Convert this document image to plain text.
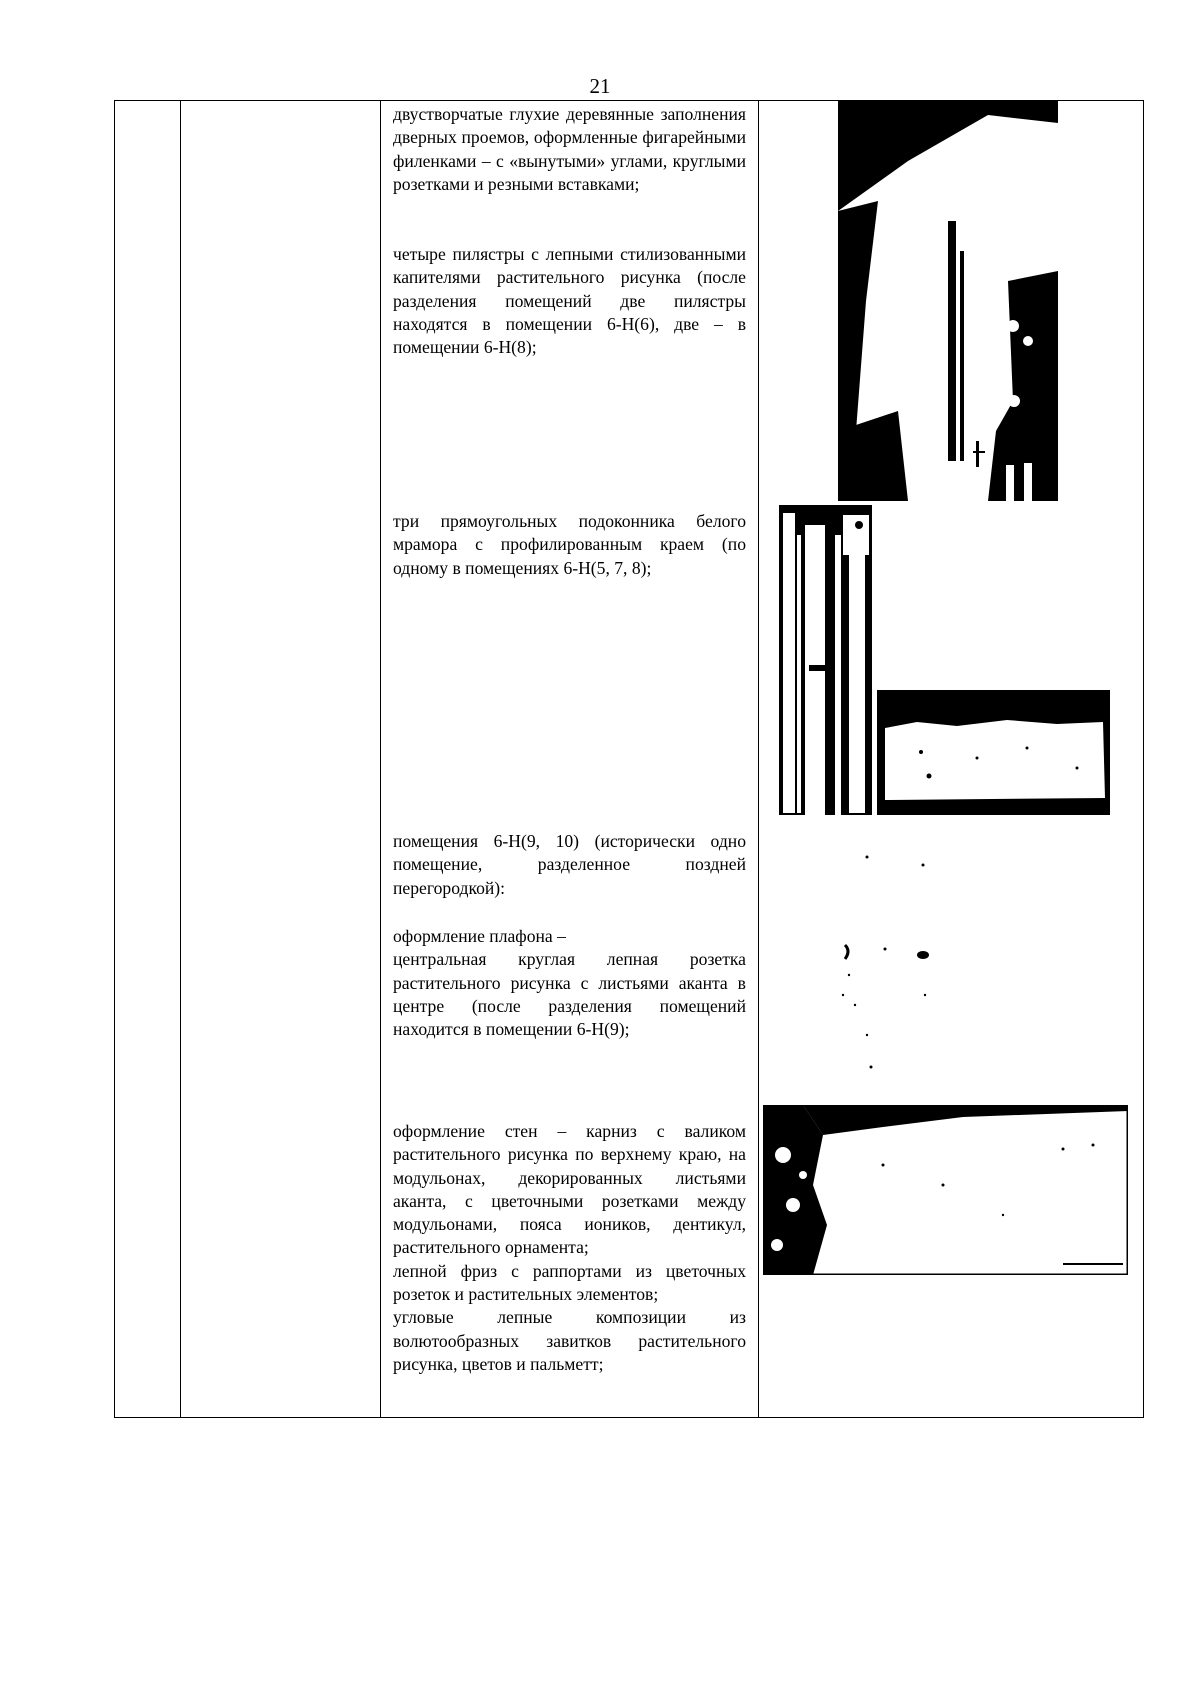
21

двустворчатые глухие деревянные заполнения дверных проемов, оформленные фигарейными филенками – с «вынутыми» углами, круглыми розетками и резными вставками;

четыре пилястры с лепными стилизованными капителями растительного рисунка (после разделения помещений две пилястры находятся в помещении 6-Н(6), две – в помещении 6-Н(8);

три прямоугольных подоконника белого мрамора с профилированным краем (по одному в помещениях 6-Н(5, 7, 8);

помещения 6-Н(9, 10) (исторически одно помещение, разделенное поздней перегородкой):

оформление плафона –

центральная круглая лепная розетка растительного рисунка с листьями аканта в центре (после разделения помещений находится в помещении 6-Н(9);

оформление стен – карниз с валиком растительного рисунка по верхнему краю, на модульонах, декорированных листьями аканта, с цветочными розетками между модульонами, пояса иоников, дентикул, растительного орнамента;

лепной фриз с раппортами из цветочных розеток и растительных элементов;

угловые лепные композиции из волютообразных завитков растительного рисунка, цветов и пальметт;
